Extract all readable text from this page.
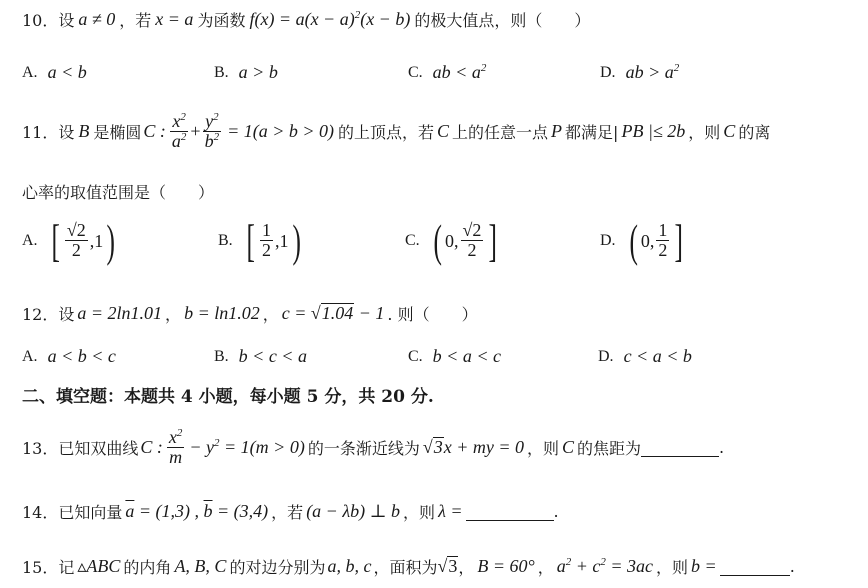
10． 设 a ≠ 0 ，若 x = a 为函数 $f(x) = a(x - a)^2(x - b)$ 的极大值点，则（　　）
A. a < b	B. a > b	C. ab < $a^2$	D. ab > $a^2$
11． 设 B 是椭圆 C : $\frac{x^2}{a^2} + \frac{y^2}{b^2} = 1(a > b > 0)$ 的上顶点，若 C 上的任意一点 P 都满足| PB |≤ 2b ，则 C 的离
心率的取值范围是（　　）
A. [ $\frac{√2}{2} ,1$ )	B. [ $\frac{1}{2} ,1$ )	C. ( 0, $\frac{√2}{2}$ ]	D. ( 0, $\frac{1}{2}$ ]
12． 设 a = 2ln1.01 ， b = ln1.02 ， c = √ 1.04 − 1 . 则（　　）
A. a < b < c	B. b < c < a	C. b < a < c	D. c < a < b
二、填空题：本题共 4 小题，每小题 5 分，共 20 分.
13． 已知双曲线 C : $\frac{x^2}{m} - y^2 = 1(m > 0)$ 的一条渐近线为 √ 3 x + my = 0 ，则 C 的焦距为	.
14． 已知向量 $\overline{a} = (1,3)$ , $\overline{b} = (3,4)$ ，若 (a − λb) ⊥ b ，则 λ =	.
15． 记 ▵ABC 的内角 A, B, C 的对边分别为 a, b, c ，面积为 √ 3 ， B = 60° ， $a^2 + c^2 = 3ac$ ，则 b =	.
